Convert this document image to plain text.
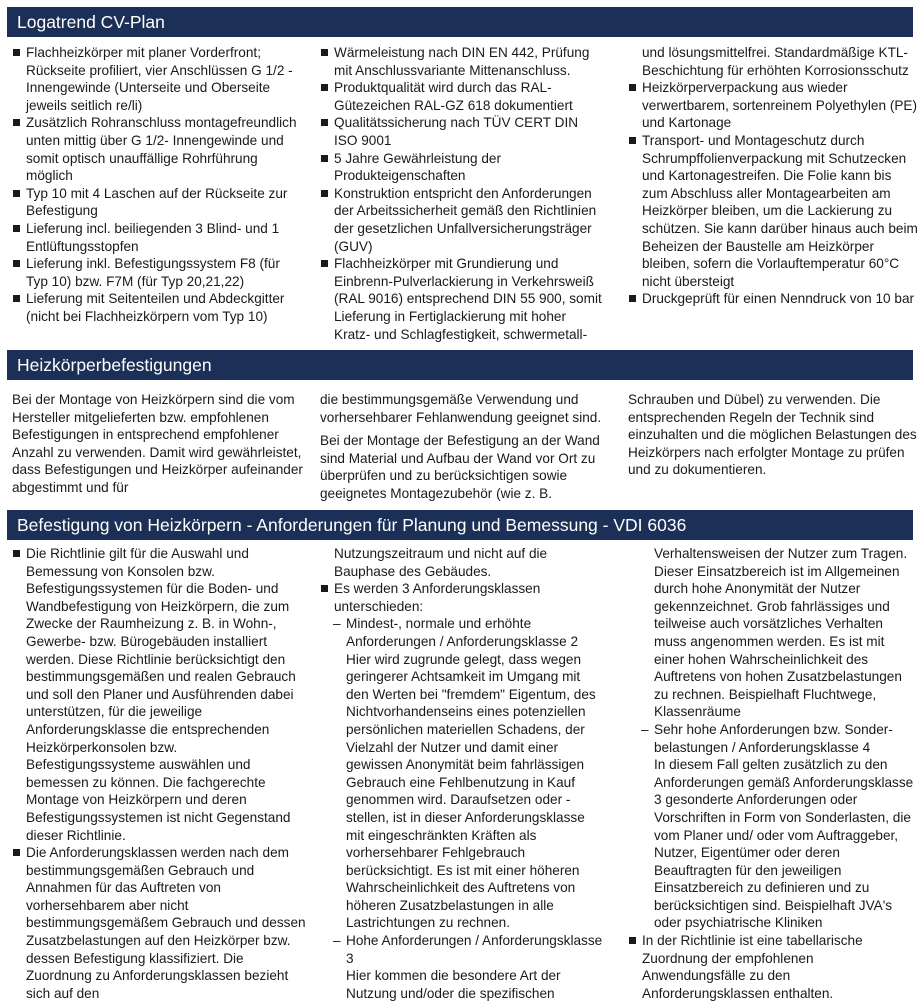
Logatrend CV-Plan
Flachheizkörper mit planer Vorderfront; Rückseite profiliert, vier Anschlüssen G 1/2 - Innengewinde (Unterseite und Oberseite jeweils seitlich re/li)
Zusätzlich Rohranschluss montagefreundlich unten mittig über G 1/2- Innengewinde und somit optisch unauffällige Rohrführung möglich
Typ 10 mit 4 Laschen auf der Rückseite zur Befestigung
Lieferung incl. beiliegenden 3 Blind- und 1 Entlüftungsstopfen
Lieferung inkl. Befestigungssystem F8 (für Typ 10) bzw. F7M (für Typ 20,21,22)
Lieferung mit Seitenteilen und Abdeckgitter (nicht bei Flachheizkörpern vom Typ 10)
Wärmeleistung nach DIN EN 442, Prüfung mit Anschlussvariante Mittenanschluss.
Produktqualität wird durch das RAL-Gütezeichen RAL-GZ 618 dokumentiert
Qualitätssicherung nach TÜV CERT DIN ISO 9001
5 Jahre Gewährleistung der Produkteigenschaften
Konstruktion entspricht den Anforderungen der Arbeitssicherheit gemäß den Richtlinien der gesetzlichen Unfallversicherungsträger (GUV)
Flachheizkörper mit Grundierung und Einbrenn-Pulverlackierung in Verkehrsweiß (RAL 9016) entsprechend DIN 55 900, somit Lieferung in Fertiglackierung mit hoher Kratz- und Schlagfestigkeit, schwermetall-
und lösungsmittelfrei. Standardmäßige KTL-Beschichtung für erhöhten Korrosionsschutz
Heizkörperverpackung aus wieder verwertbarem, sortenreinem Polyethylen (PE) und Kartonage
Transport- und Montageschutz durch Schrumpffolienverpackung mit Schutzecken und Kartonagestreifen. Die Folie kann bis zum Abschluss aller Montagearbeiten am Heizkörper bleiben, um die Lackierung zu schützen. Sie kann darüber hinaus auch beim Beheizen der Baustelle am Heizkörper bleiben, sofern die Vorlauftemperatur 60°C nicht übersteigt
Druckgeprüft für einen Nenndruck von 10 bar
Heizkörperbefestigungen

Bei der Montage von Heizkörpern sind die vom Hersteller mitgelieferten bzw. empfohlenen Befestigungen in entsprechend empfohlener Anzahl zu verwenden. Damit wird gewährleistet, dass Befestigungen und Heizkörper aufeinander abgestimmt und für

die bestimmungsgemäße Verwendung und vorhersehbarer Fehlanwendung geeignet sind.

Bei der Montage der Befestigung an der Wand sind Material und Aufbau der Wand vor Ort zu überprüfen und zu berücksichtigen sowie geeignetes Montagezubehör (wie z. B.

Schrauben und Dübel) zu verwenden. Die entsprechenden Regeln der Technik sind einzuhalten und die möglichen Belastungen des Heizkörpers nach erfolgter Montage zu prüfen und zu dokumentieren.

Befestigung von Heizkörpern - Anforderungen für Planung und Bemessung - VDI 6036
Die Richtlinie gilt für die Auswahl und Bemessung von Konsolen bzw. Befestigungssystemen für die Boden- und Wandbefestigung von Heizkörpern, die zum Zwecke der Raumheizung z. B. in Wohn-, Gewerbe- bzw. Bürogebäuden installiert werden. Diese Richtlinie berücksichtigt den bestimmungsgemäßen und realen Gebrauch und soll den Planer und Ausführenden dabei unterstützen, für die jeweilige Anforderungsklasse die entsprechenden Heizkörperkonsolen bzw. Befestigungssysteme auswählen und bemessen zu können. Die fachgerechte Montage von Heizkörpern und deren Befestigungssystemen ist nicht Gegenstand dieser Richtlinie.
Die Anforderungsklassen werden nach dem bestimmungsgemäßen Gebrauch und Annahmen für das Auftreten von vorhersehbarem aber nicht bestimmungsgemäßem Gebrauch und dessen Zusatzbelastungen auf den Heizkörper bzw. dessen Befestigung klassifiziert. Die Zuordnung zu Anforderungsklassen bezieht sich auf den
Nutzungszeitraum und nicht auf die Bauphase des Gebäudes.
Es werden 3 Anforderungsklassen unterschieden:
– Mindest-, normale und erhöhte Anforderungen / Anforderungsklasse 2
Hier wird zugrunde gelegt, dass wegen geringerer Achtsamkeit im Umgang mit den Werten bei "fremdem" Eigentum, des Nichtvorhandenseins eines potenziellen persönlichen materiellen Schadens, der Vielzahl der Nutzer und damit einer gewissen Anonymität beim fahrlässigen Gebrauch eine Fehlbenutzung in Kauf genommen wird. Daraufsetzen oder -stellen, ist in dieser Anforderungsklasse mit eingeschränkten Kräften als vorhersehbarer Fehlgebrauch berücksichtigt. Es ist mit einer höheren Wahrscheinlichkeit des Auftretens von höheren Zusatzbelastungen in alle Lastrichtungen zu rechnen.
– Hohe Anforderungen / Anforderungsklasse 3
Hier kommen die besondere Art der Nutzung und/oder die spezifischen
Verhaltensweisen der Nutzer zum Tragen. Dieser Einsatzbereich ist im Allgemeinen durch hohe Anonymität der Nutzer gekennzeichnet. Grob fahrlässiges und teilweise auch vorsätzliches Verhalten muss angenommen werden. Es ist mit einer hohen Wahrscheinlichkeit des Auftretens von hohen Zusatzbelastungen zu rechnen. Beispielhaft Fluchtwege, Klassenräume
– Sehr hohe Anforderungen bzw. Sonder-belastungen / Anforderungsklasse 4
In diesem Fall gelten zusätzlich zu den Anforderungen gemäß Anforderungsklasse 3 gesonderte Anforderungen oder Vorschriften in Form von Sonderlasten, die vom Planer und/ oder vom Auftraggeber, Nutzer, Eigentümer oder deren Beauftragten für den jeweiligen Einsatzbereich zu definieren und zu berücksichtigen sind. Beispielhaft JVA's oder psychiatrische Kliniken
In der Richtlinie ist eine tabellarische Zuordnung der empfohlenen Anwendungsfälle zu den Anforderungsklassen enthalten.
